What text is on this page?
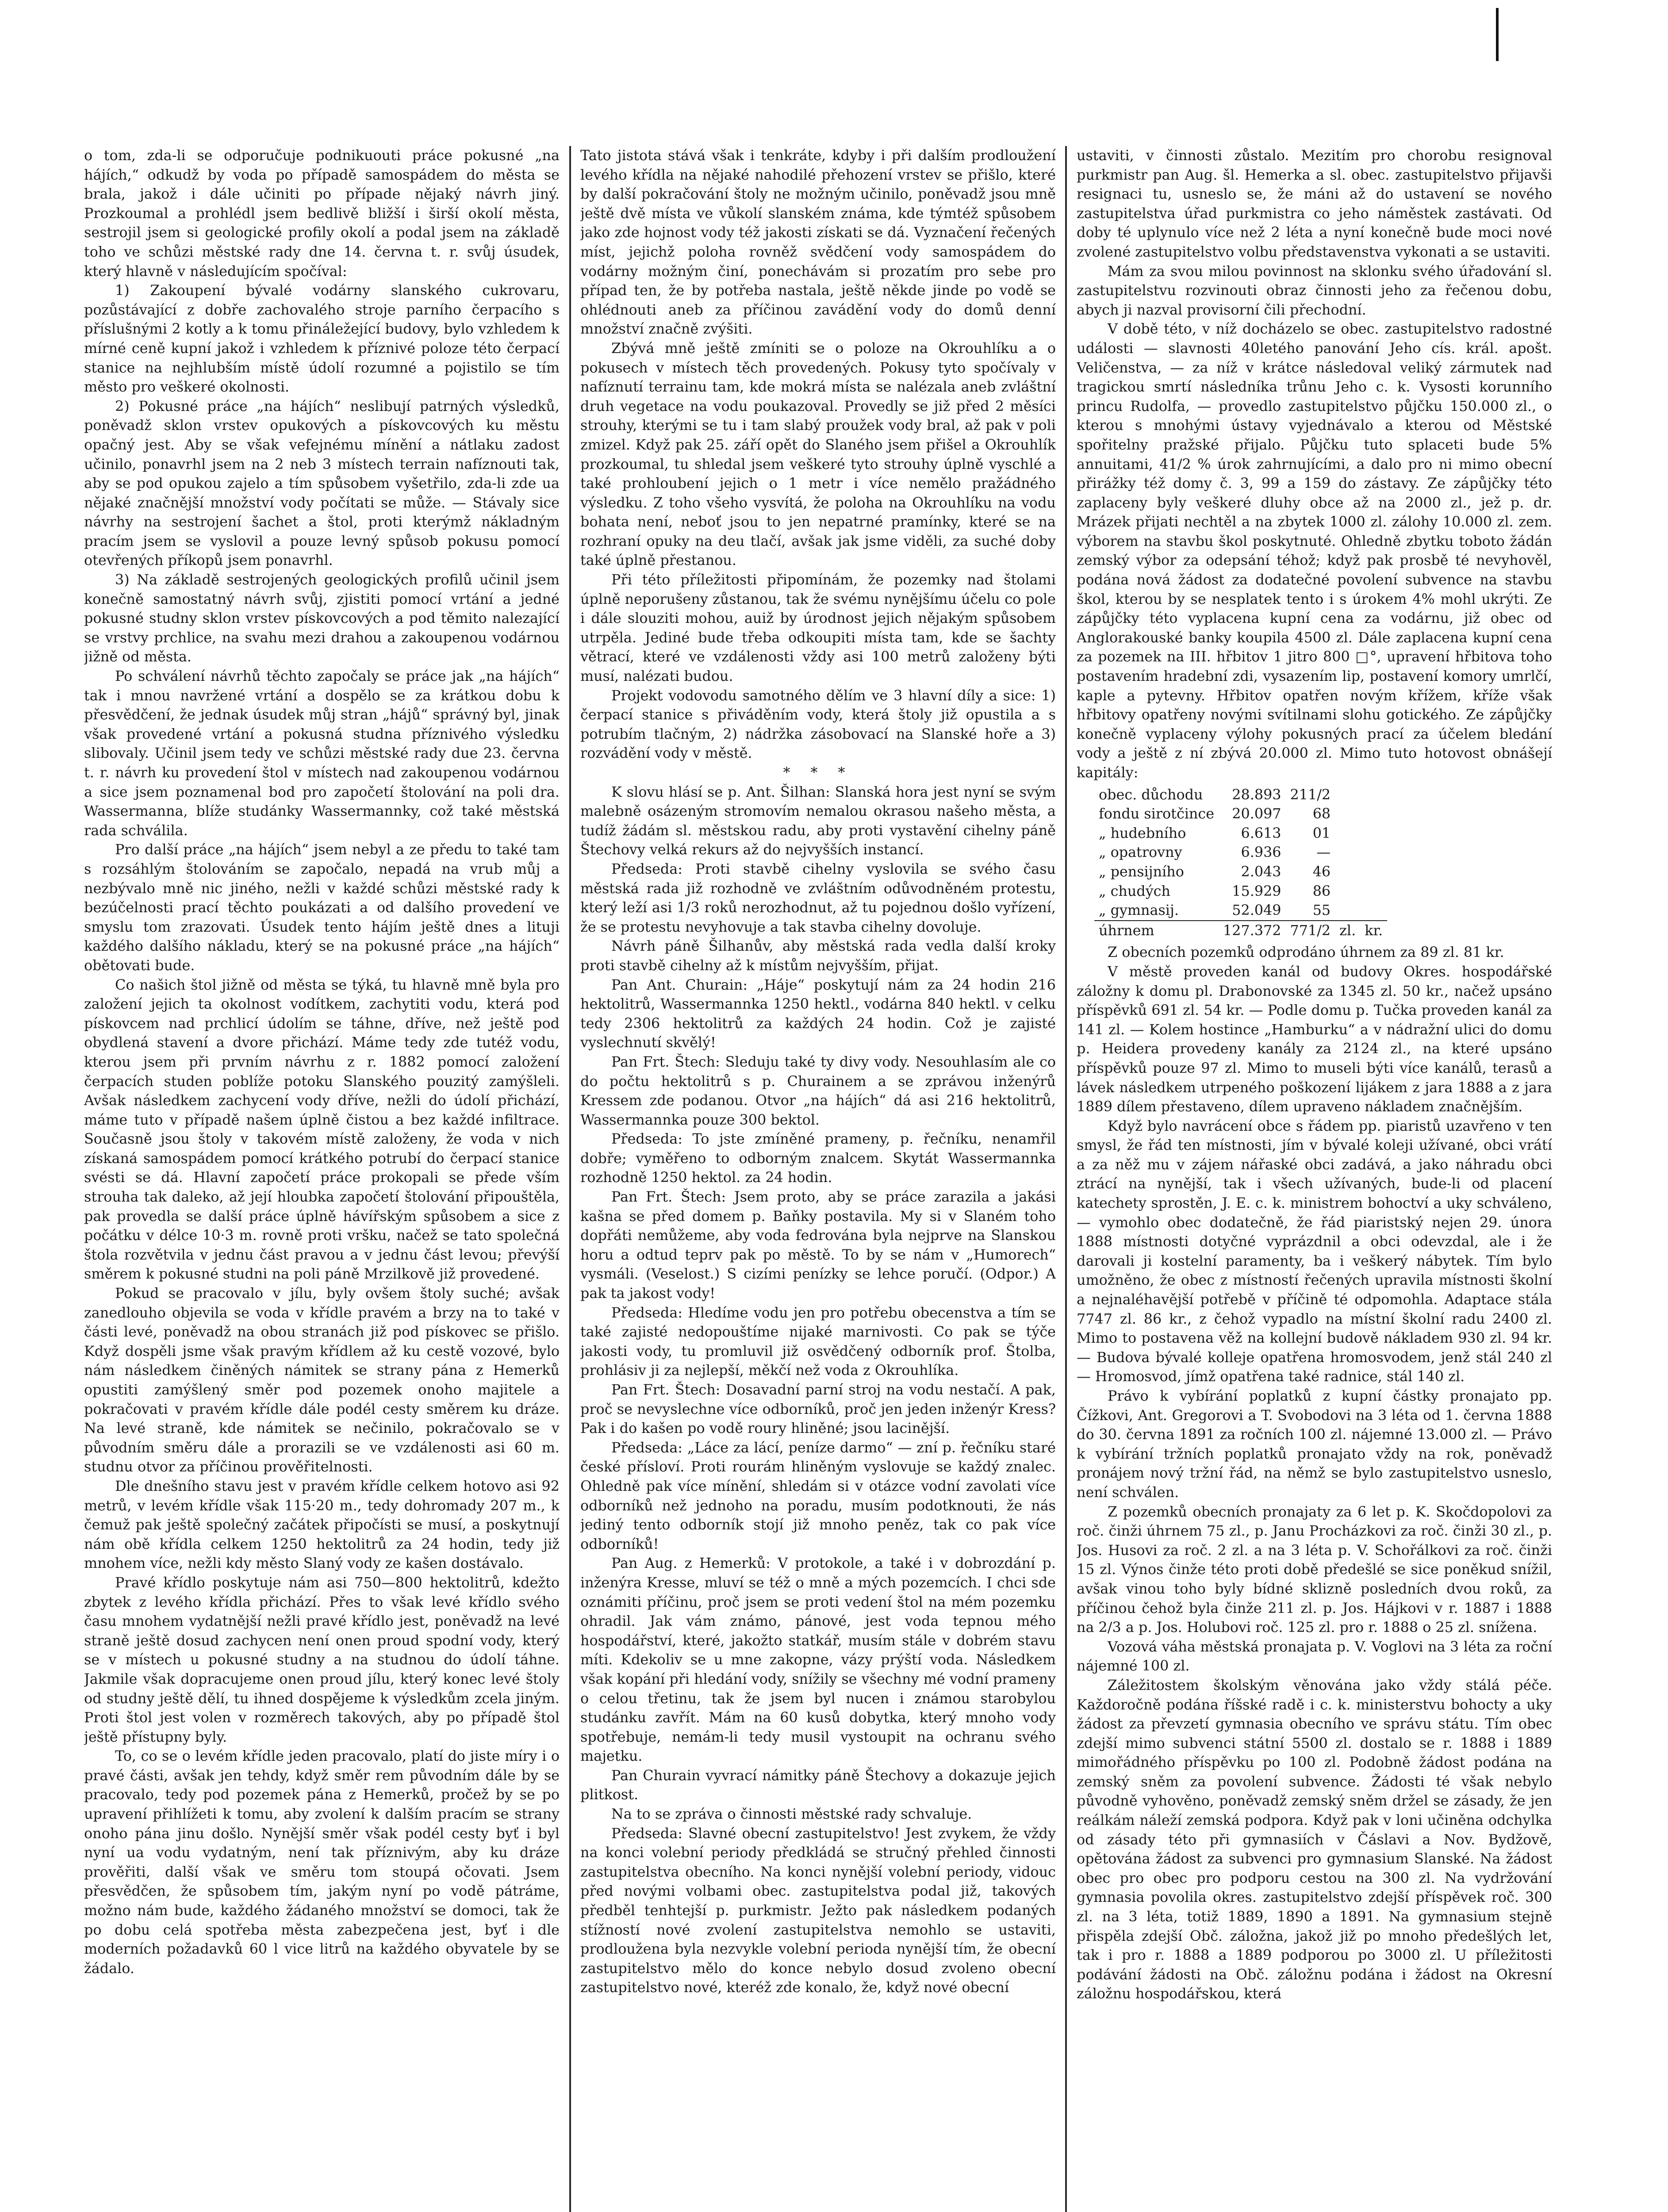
o tom, zda-li se odporučuje podnikuouti práce pokusné „na hájích,“ odkudž by voda po případě samospádem do města se brala, jakož i dále učiniti po případe nějaký návrh jiný. Prozkoumal a prohlédl jsem bedlivě bližší i širší okolí města, sestrojil jsem si geologické profily okolí a podal jsem na základě toho ve schůzi městské rady dne 14. června t. r. svůj úsudek, který hlavně v následujícím spočíval:

1) Zakoupení bývalé vodárny slanského cukrovaru, pozůstávající z dobře zachovalého stroje parního čerpacího s příslušnými 2 kotly a k tomu přináležející budovy, bylo vzhledem k mírné ceně kupní jakož i vzhledem k příznivé poloze této čerpací stanice na nejhlubším místě údolí rozumné a pojistilo se tím město pro veškeré okolnosti.

2) Pokusné práce „na hájích“ neslibují patrných výsledků, poněvadž sklon vrstev opukových a pískovcových ku městu opačný jest. Aby se však vefejnému mínění a nátlaku zadost učinilo, ponavrhl jsem na 2 neb 3 místech terrain nafíznouti tak, aby se pod opukou zajelo a tím spůsobem vyšetřilo, zda-li zde ua nějaké značnější množství vody počítati se může. — Stávaly sice návrhy na sestrojení šachet a štol, proti kterýmž nákladným pracím jsem se vyslovil a pouze levný spůsob pokusu pomocí otevřených příkopů jsem ponavrhl.

3) Na základě sestrojených geologických profilů učinil jsem konečně samostatný návrh svůj, zjistiti pomocí vrtání a jedné pokusné studny sklon vrstev pískovcových a pod těmito nalezající se vrstvy prchlice, na svahu mezi drahou a zakoupenou vodárnou jižně od města.

Po schválení návrhů těchto započaly se práce jak „na hájích“ tak i mnou navržené vrtání a dospělo se za krátkou dobu k přesvědčení, že jednak úsudek můj stran „hájů“ správný byl, jinak však provedené vrtání a pokusná studna příznivého výsledku slibovaly. Učinil jsem tedy ve schůzi městské rady due 23. června t. r. návrh ku provedení štol v místech nad zakoupenou vodárnou a sice jsem poznamenal bod pro započetí štolování na poli dra. Wassermanna, blíže studánky Wassermannky, což také městská rada schválila.

Pro další práce „na hájích“ jsem nebyl a ze předu to také tam s rozsáhlým štolováním se započalo, nepadá na vrub můj a nezbývalo mně nic jiného, nežli v každé schůzi městské rady k bezúčelnosti prací těchto poukázati a od dalšího provedení ve smyslu tom zrazovati. Úsudek tento hájím ještě dnes a lituji každého dalšího nákladu, který se na pokusné práce „na hájích“ obětovati bude.

Co našich štol jižně od města se týká, tu hlavně mně byla pro založení jejich ta okolnost vodítkem, zachytiti vodu, která pod pískovcem nad prchlicí údolím se táhne, dříve, než ještě pod obydlená stavení a dvore přichází. Máme tedy zde tutéž vodu, kterou jsem při prvním návrhu z r. 1882 pomocí založení čerpacích studen poblíže potoku Slanského pouzitý zamýšleli. Avšak následkem zachycení vody dříve, nežli do údolí přichází, máme tuto v případě našem úplně čistou a bez každé infiltrace. Současně jsou štoly v takovém místě založeny, že voda v nich získaná samospádem pomocí krátkého potrubí do čerpací stanice svésti se dá. Hlavní započetí práce prokopali se přede vším strouha tak daleko, až její hloubka započetí štolování připouštěla, pak provedla se další práce úplně hávířským spůsobem a sice z počátku v délce 10·3 m. rovně proti vršku, načež se tato společná štola rozvětvila v jednu část pravou a v jednu část levou; převýší směrem k pokusné studni na poli páně Mrzilkově již provedené.

Pokud se pracovalo v jílu, byly ovšem štoly suché; avšak zanedlouho objevila se voda v křídle pravém a brzy na to také v části levé, poněvadž na obou stranách již pod pískovec se přišlo. Když dospěli jsme však pravým křídlem až ku cestě vozové, bylo nám následkem činěných námitek se strany pána z Hemerků opustiti zamýšlený směr pod pozemek onoho majitele a pokračovati v pravém křídle dále podél cesty směrem ku dráze. Na levé straně, kde námitek se nečinilo, pokračovalo se v původním směru dále a prorazili se ve vzdálenosti asi 60 m. studnu otvor za příčinou prověřitelnosti.

Dle dnešního stavu jest v pravém křídle celkem hotovo asi 92 metrů, v levém křídle však 115·20 m., tedy dohromady 207 m., k čemuž pak ještě společný začátek připočísti se musí, a poskytnují nám obě křídla celkem 1250 hektolitrů za 24 hodin, tedy již mnohem více, nežli kdy město Slaný vody ze kašen dostávalo.

Pravé křídlo poskytuje nám asi 750—800 hektolitrů, kdežto zbytek z levého křídla přichází. Přes to však levé křídlo svého času mnohem vydatnější nežli pravé křídlo jest, poněvadž na levé straně ještě dosud zachycen není onen proud spodní vody, který se v místech u pokusné studny a na studnou do údolí táhne. Jakmile však dopracujeme onen proud jílu, který konec levé štoly od studny ještě dělí, tu ihned dospějeme k výsledkům zcela jiným. Proti štol jest volen v rozměrech takových, aby po případě štol ještě přístupny byly.

To, co se o levém křídle jeden pracovalo, platí do jiste míry i o pravé části, avšak jen tehdy, když směr rem původním dále by se pracovalo, tedy pod pozemek pána z Hemerků, pročež by se po upravení přihlížeti k tomu, aby zvolení k dalším pracím se strany onoho pána jinu došlo. Nynější směr však podél cesty byť i byl nyní ua vodu vydatným, není tak příznivým, aby ku dráze prověřiti, další však ve směru tom stoupá očovati. Jsem přesvědčen, že spůsobem tím, jakým nyní po vodě pátráme, možno nám bude, každého žádaného množství se domoci, tak že po dobu celá spotřeba města zabezpečena jest, byť i dle moderních požadavků 60 l vice litrů na každého obyvatele by se žádalo.

Tato jistota stává však i tenkráte, kdyby i při dalším prodloužení levého křídla na nějaké nahodilé přehození vrstev se přišlo, které by další pokračování štoly ne možným učinilo, poněvadž jsou mně ještě dvě místa ve vůkolí slanském známa, kde týmtéž spůsobem jako zde hojnost vody též jakosti získati se dá. Vyznačení řečených míst, jejichž poloha rovněž svědčení vody samospádem do vodárny možným činí, ponechávám si prozatím pro sebe pro případ ten, že by potřeba nastala, ještě někde jinde po vodě se ohlédnouti aneb za příčinou zavádění vody do domů denní množství značně zvýšiti.

Zbývá mně ještě zmíniti se o poloze na Okrouhlíku a o pokusech v místech těch provedených. Pokusy tyto spočívaly v nafíznutí terrainu tam, kde mokrá místa se nalézala aneb zvláštní druh vegetace na vodu poukazoval. Provedly se již před 2 měsíci strouhy, kterými se tu i tam slabý proužek vody bral, až pak v poli zmizel. Když pak 25. září opět do Slaného jsem přišel a Okrouhlík prozkoumal, tu shledal jsem veškeré tyto strouhy úplně vyschlé a také prohloubení jejich o 1 metr i více nemělo pražádného výsledku. Z toho všeho vysvítá, že poloha na Okrouhlíku na vodu bohata není, neboť jsou to jen nepatrné pramínky, které se na rozhraní opuky na deu tlačí, avšak jak jsme viděli, za suché doby také úplně přestanou.

Při této příležitosti připomínám, že pozemky nad štolami úplně neporušeny zůstanou, tak že svému nynějšímu účelu co pole i dále slouziti mohou, auiž by úrodnost jejich nějakým spůsobem utrpěla. Jediné bude třeba odkoupiti místa tam, kde se šachty větrací, které ve vzdálenosti vždy asi 100 metrů založeny býti musí, nalézati budou.

Projekt vodovodu samotného dělím ve 3 hlavní díly a sice: 1) čerpací stanice s přiváděním vody, která štoly již opustila a s potrubím tlačným, 2) nádržka zásobovací na Slanské hoře a 3) rozvádění vody v městě.

* * *

K slovu hlásí se p. Ant. Šilhan: Slanská hora jest nyní se svým malebně osázeným stromovím nemalou okrasou našeho města, a tudíž žádám sl. městskou radu, aby proti vystavění cihelny páně Štechovy velká rekurs až do nejvyšších instancí.

Předseda: Proti stavbě cihelny vyslovila se svého času městská rada již rozhodně ve zvláštním odůvodněném protestu, který leží asi 1/3 roků nerozhodnut, až tu pojednou došlo vyřízení, že se protestu nevyhovuje a tak stavba cihelny dovoluje.

Návrh páně Šilhanův, aby městská rada vedla další kroky proti stavbě cihelny až k místům nejvyšším, přijat.

Pan Ant. Churain: „Háje“ poskytují nám za 24 hodin 216 hektolitrů, Wassermannka 1250 hektl., vodárna 840 hektl. v celku tedy 2306 hektolitrů za každých 24 hodin. Což je zajisté vyslechnutí skvělý!

Pan Frt. Štech: Sleduju také ty divy vody. Nesouhlasím ale co do počtu hektolitrů s p. Churainem a se zprávou inženýrů Kressem zde podanou. Otvor „na hájích“ dá asi 216 hektolitrů, Wassermannka pouze 300 bektol.

Předseda: To jste zmíněné prameny, p. řečníku, nenamřil dobře; vyměřeno to odborným znalcem. Skytát Wassermannka rozhodně 1250 hektol. za 24 hodin.

Pan Frt. Štech: Jsem proto, aby se práce zarazila a jakási kašna se před domem p. Baňky postavila. My si v Slaném toho dopřáti nemůžeme, aby voda fedrována byla nejprve na Slanskou horu a odtud teprv pak po městě. To by se nám v „Humorech“ vysmáli. (Veselost.) S cizími penízky se lehce poručí. (Odpor.) A pak ta jakost vody!

Předseda: Hledíme vodu jen pro potřebu obecenstva a tím se také zajisté nedopouštíme nijaké marnivosti. Co pak se týče jakosti vody, tu promluvil již osvědčený odborník prof. Štolba, prohlásiv ji za nejlepší, měkčí než voda z Okrouhlíka.

Pan Frt. Štech: Dosavadní parní stroj na vodu nestačí. A pak, proč se nevyslechne více odborníků, proč jen jeden inženýr Kress? Pak i do kašen po vodě roury hliněné; jsou lacinější.

Předseda: „Láce za lácí, peníze darmo“ — zní p. řečníku staré české přísloví. Proti rourám hliněným vyslovuje se každý znalec. Ohledně pak více mínění, shledám si v otázce vodní zavolati více odborníků než jednoho na poradu, musím podotknouti, že nás jediný tento odborník stojí již mnoho peněz, tak co pak více odborníků!

Pan Aug. z Hemerků: V protokole, a také i v dobrozdání p. inženýra Kresse, mluví se též o mně a mých pozemcích. I chci sde oznámiti příčinu, proč jsem se proti vedení štol na mém pozemku ohradil. Jak vám známo, pánové, jest voda tepnou mého hospodářství, které, jakožto statkář, musím stále v dobrém stavu míti. Kdekoliv se u mne zakopne, vázy prýští voda. Následkem však kopání při hledání vody, snížily se všechny mé vodní prameny o celou třetinu, tak že jsem byl nucen i známou starobylou studánku zavřít. Mám na 60 kusů dobytka, který mnoho vody spotřebuje, nemám-li tedy musil vystoupit na ochranu svého majetku.

Pan Churain vyvrací námitky páně Štechovy a dokazuje jejich plitkost.

Na to se zpráva o činnosti městské rady schvaluje.

Předseda: Slavné obecní zastupitelstvo! Jest zvykem, že vždy na konci volební periody předkládá se stručný přehled činnosti zastupitelstva obecního. Na konci nynější volební periody, vidouc před novými volbami obec. zastupitelstva podal již, takových předběl tenhtejší p. purkmistr. Ježto pak následkem podaných stížností nové zvolení zastupitelstva nemohlo se ustaviti, prodloužena byla nezvykle volební perioda nynější tím, že obecní zastupitelstvo mělo do konce nebylo dosud zvoleno obecní zastupitelstvo nové, kteréž zde konalo, že, když nové obecní

ustaviti, v činnosti zůstalo. Mezitím pro chorobu resignoval purkmistr pan Aug. šl. Hemerka a sl. obec. zastupitelstvo přijavši resignaci tu, usneslo se, že máni až do ustavení se nového zastupitelstva úřad purkmistra co jeho náměstek zastávati. Od doby té uplynulo více než 2 léta a nyní konečně bude moci nové zvolené zastupitelstvo volbu představenstva vykonati a se ustaviti.

Mám za svou milou povinnost na sklonku svého úřadování sl. zastupitelstvu rozvinouti obraz činnosti jeho za řečenou dobu, abych ji nazval provisorní čili přechodní.

V době této, v níž docházelo se obec. zastupitelstvo radostné události — slavnosti 40letého panování Jeho cís. král. apošt. Veličenstva, — za níž v krátce následoval veliký zármutek nad tragickou smrtí následníka trůnu Jeho c. k. Vysosti korunního princu Rudolfa, — provedlo zastupitelstvo půjčku 150.000 zl., o kterou s mnohými ústavy vyjednávalo a kterou od Městské spořitelny pražské přijalo. Půjčku tuto splaceti bude 5% annuitami, 41/2 % úrok zahrnujícími, a dalo pro ni mimo obecní přirážky též domy č. 3, 99 a 159 do zástavy. Ze zápůjčky této zaplaceny byly veškeré dluhy obce až na 2000 zl., jež p. dr. Mrázek přijati nechtěl a na zbytek 1000 zl. zálohy 10.000 zl. zem. výborem na stavbu škol poskytnuté. Ohledně zbytku toboto žádán zemský výbor za odepsání téhož; když pak prosbě té nevyhověl, podána nová žádost za dodatečné povolení subvence na stavbu škol, kterou by se nesplatek tento i s úrokem 4% mohl ukrýti. Ze zápůjčky této vyplacena kupní cena za vodárnu, již obec od Anglorakouské banky koupila 4500 zl. Dále zaplacena kupní cena za pozemek na III. hřbitov 1 jitro 800 □°, upravení hřbitova toho postavením hradební zdi, vysazením lip, postavení komory umrlčí, kaple a pytevny. Hřbitov opatřen novým křížem, kříže však hřbitovy opatřeny novými svítilnami slohu gotického. Ze zápůjčky konečně vyplaceny výlohy pokusných prací za účelem bledání vody a ještě z ní zbývá 20.000 zl. Mimo tuto hotovost obnášejí kapitály:

obec. důchodu	28.893	211/2		
fondu sirotčince	20.097	68		
„ hudebního	6.613	01		
„ opatrovny	6.936	—		
„ pensijního	2.043	46		
„ chudých	15.929	86		
„ gymnasij.	52.049	55		
úhrnem	127.372	771/2	zl.	kr.

Z obecních pozemků odprodáno úhrnem za 89 zl. 81 kr.

V městě proveden kanál od budovy Okres. hospodářské záložny k domu pl. Drabonovské za 1345 zl. 50 kr., načež upsáno příspěvků 691 zl. 54 kr. — Podle domu p. Tučka proveden kanál za 141 zl. — Kolem hostince „Hamburku“ a v nádražní ulici do domu p. Heiderа provedeny kanály za 2124 zl., na které upsáno příspěvků pouze 97 zl. Mimo to museli býti více kanálů, terasů a lávek následkem utrpeného poškození lijákem z jara 1888 a z jara 1889 dílem přestaveno, dílem upraveno nákladem značnějším.

Když bylo navrácení obce s řádem pp. piaristů uzavřeno v ten smysl, že řád ten místnosti, jím v bývalé koleji užívané, obci vrátí a za něž mu v zájem nářaské obci zadává, a jako náhradu obci ztrácí na nynější, tak i všech užívaných, bude-li od placení katechety sprostěn, J. E. c. k. ministrem bohoctví a uky schváleno, — vymohlo obec dodatečně, že řád piaristský nejen 29. února 1888 místnosti dotyčné vyprázdnil a obci odevzdal, ale i že darovali ji kostelní paramenty, ba i veškerý nábytek. Tím bylo umožněno, že obec z místností řečených upravila místnosti školní a nejnaléhavější potřebě v příčině té odpomohla. Adaptace stála 7747 zl. 86 kr., z čehož vypadlo na místní školní radu 2400 zl. Mimo to postavena věž na kollejní budově nákladem 930 zl. 94 kr. — Budova bývalé kolleje opatřena hromosvodem, jenž stál 240 zl — Hromosvod, jímž opatřena také radnice, stál 140 zl.

Právo k vybírání poplatků z kupní částky pronajato pp. Čížkovi, Ant. Gregorovi a T. Svobodovi na 3 léta od 1. června 1888 do 30. června 1891 za ročních 100 zl. nájemné 13.000 zl. — Právo k vybírání tržních poplatků pronajato vždy na rok, poněvadž pronájem nový tržní řád, na němž se bylo zastupitelstvo usneslo, není schválen.

Z pozemků obecních pronajaty za 6 let p. K. Skočdopolovi za roč. činži úhrnem 75 zl., p. Janu Procházkovi za roč. činži 30 zl., p. Jos. Husovi za roč. 2 zl. a na 3 léta p. V. Schořálkovi za roč. činži 15 zl. Výnos činže této proti době předešlé se sice poněkud snížil, avšak vinou toho byly bídné sklizně posledních dvou roků, za příčinou čehož byla činže 211 zl. p. Jos. Hájkovi v r. 1887 i 1888 na 2/3 a p. Jos. Holubovi roč. 125 zl. pro r. 1888 o 25 zl. snížena.

Vozová váha městská pronajata p. V. Voglovi na 3 léta za roční nájemné 100 zl.

Záležitostem školským věnována jako vždy stálá péče. Každoročně podána říšské radě i c. k. ministerstvu bohocty a uky žádost za převzetí gymnasia obecního ve správu státu. Tím obec zdejší mimo subvenci státní 5500 zl. dostalo se r. 1888 i 1889 mimořádného příspěvku po 100 zl. Podobně žádost podána na zemský sněm za povolení subvence. Žádosti té však nebylo původně vyhověno, poněvadž zemský sněm držel se zásady, že jen reálkám náleží zemská podpora. Když pak v loni učiněna odchylka od zásady této při gymnasiích v Čáslavi a Nov. Bydžově, opětována žádost za subvenci pro gymnasium Slanské. Na žádost obec pro obec pro podporu cestou na 300 zl. Na vydržování gymnasia povolila okres. zastupitelstvo zdejší příspěvek roč. 300 zl. na 3 léta, totiž 1889, 1890 a 1891. Na gymnasium stejně přispěla zdejší Obč. záložna, jakož již po mnoho předešlých let, tak i pro r. 1888 a 1889 podporou po 3000 zl. U příležitosti podávání žádosti na Obč. záložnu podána i žádost na Okresní záložnu hospodářskou, která
